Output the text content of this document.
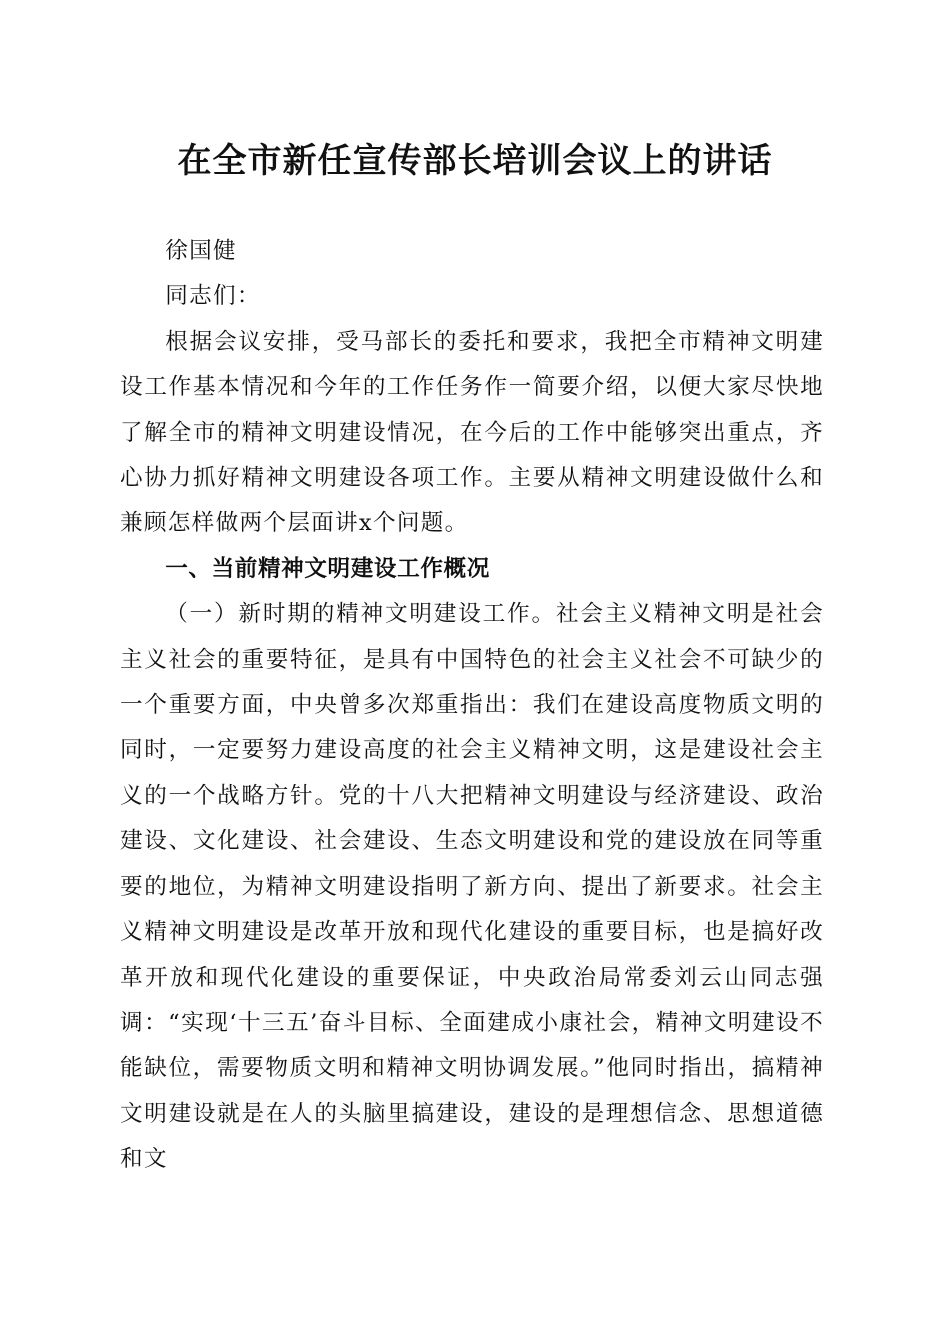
在全市新任宣传部长培训会议上的讲话

徐国健

同志们：

根据会议安排，受马部长的委托和要求，我把全市精神文明建设工作基本情况和今年的工作任务作一简要介绍，以便大家尽快地了解全市的精神文明建设情况，在今后的工作中能够突出重点，齐心协力抓好精神文明建设各项工作。主要从精神文明建设做什么和兼顾怎样做两个层面讲x个问题。

一、当前精神文明建设工作概况

（一）新时期的精神文明建设工作。社会主义精神文明是社会主义社会的重要特征，是具有中国特色的社会主义社会不可缺少的一个重要方面，中央曾多次郑重指出：我们在建设高度物质文明的同时，一定要努力建设高度的社会主义精神文明，这是建设社会主义的一个战略方针。党的十八大把精神文明建设与经济建设、政治建设、文化建设、社会建设、生态文明建设和党的建设放在同等重要的地位，为精神文明建设指明了新方向、提出了新要求。社会主义精神文明建设是改革开放和现代化建设的重要目标，也是搞好改革开放和现代化建设的重要保证，中央政治局常委刘云山同志强调：“实现‘十三五’奋斗目标、全面建成小康社会，精神文明建设不能缺位，需要物质文明和精神文明协调发展。”他同时指出，搞精神文明建设就是在人的头脑里搞建设，建设的是理想信念、思想道德和文
